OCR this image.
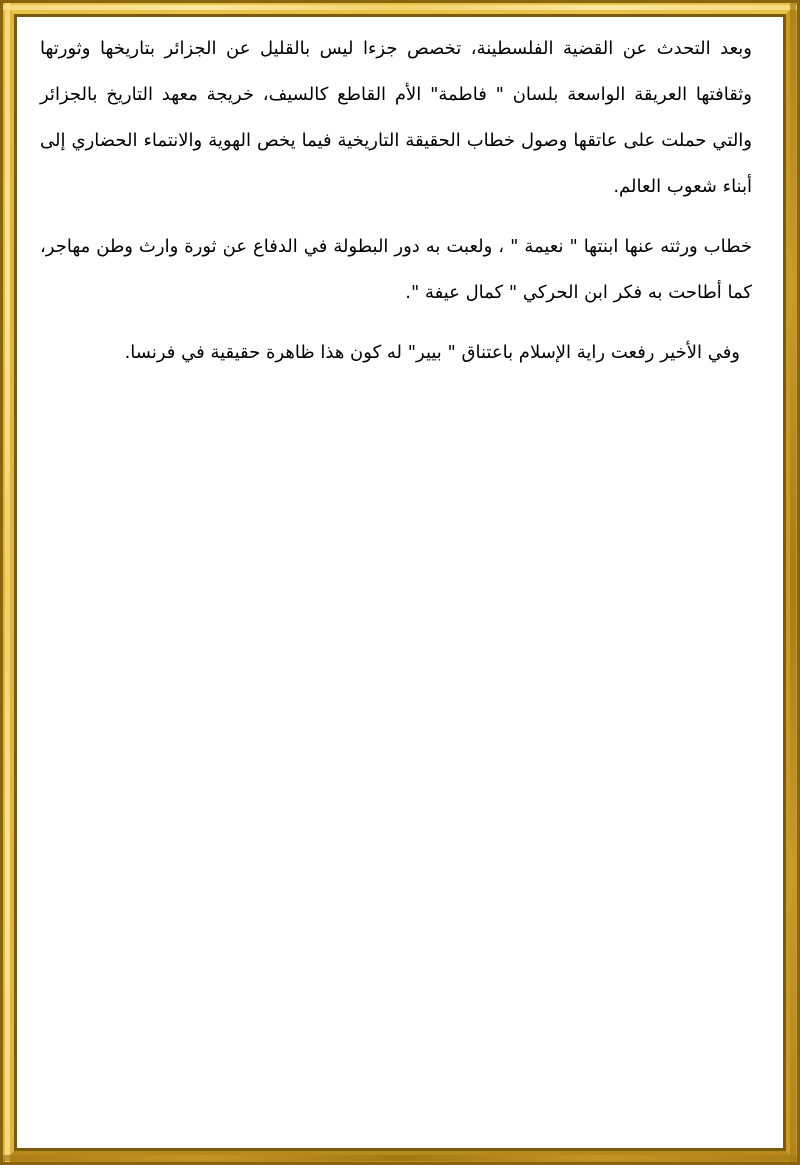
وبعد التحدث عن القضية الفلسطينة، تخصص جزءا ليس بالقليل عن الجزائر بتاريخها وثورتها وثقافتها العريقة الواسعة بلسان " فاطمة" الأم القاطع كالسيف، خريجة معهد التاريخ بالجزائر والتي حملت على عاتقها وصول خطاب الحقيقة التاريخية فيما يخص الهوية والانتماء الحضاري إلى أبناء شعوب العالم.

خطاب ورثته عنها ابنتها " نعيمة " ، ولعبت به دور البطولة في الدفاع عن ثورة وارث وطن مهاجر، كما أطاحت به فكر ابن الحركي " كمال عيفة ".

وفي الأخير رفعت راية الإسلام باعتناق " بيير" له كون هذا ظاهرة حقيقية في فرنسا.
